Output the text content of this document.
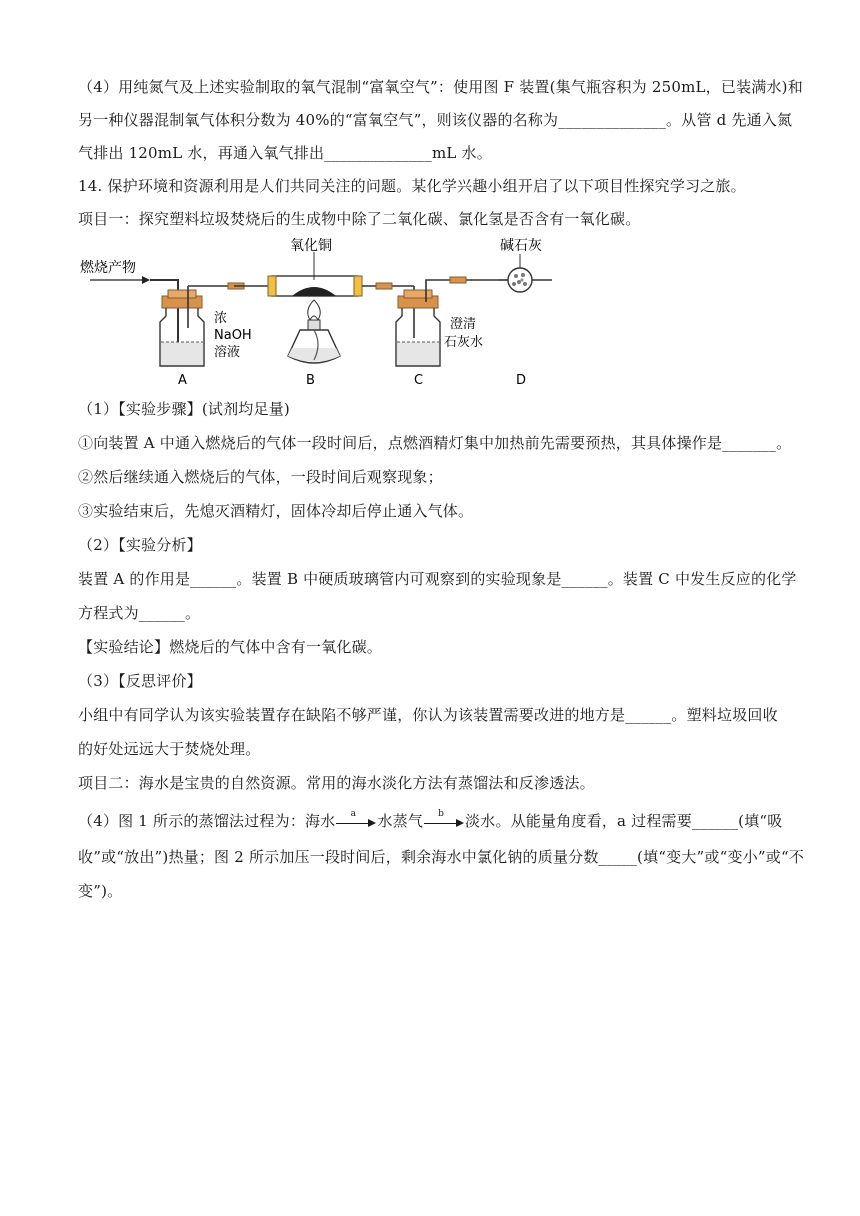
（4）用纯氮气及上述实验制取的氧气混制“富氧空气”：使用图 F 装置(集气瓶容积为 250mL，已装满水)和
另一种仪器混制氧气体积分数为 40%的“富氧空气”，则该仪器的名称为______________。从管 d 先通入氮
气排出 120mL 水，再通入氧气排出______________mL 水。
14. 保护环境和资源利用是人们共同关注的问题。某化学兴趣小组开启了以下项目性探究学习之旅。
项目一：探究塑料垃圾焚烧后的生成物中除了二氧化碳、氯化氢是否含有一氧化碳。
燃烧产物
浓
NaOH
溶液
A
氧化铜
B
澄清
石灰水
C
碱石灰
D
（1）【实验步骤】(试剂均足量)
①向装置 A 中通入燃烧后的气体一段时间后，点燃酒精灯集中加热前先需要预热，其具体操作是_______。
②然后继续通入燃烧后的气体，一段时间后观察现象；
③实验结束后，先熄灭酒精灯，固体冷却后停止通入气体。
（2）【实验分析】
装置 A 的作用是______。装置 B 中硬质玻璃管内可观察到的实验现象是______。装置 C 中发生反应的化学
方程式为______。
【实验结论】燃烧后的气体中含有一氧化碳。
（3）【反思评价】
小组中有同学认为该实验装置存在缺陷不够严谨，你认为该装置需要改进的地方是______。塑料垃圾回收
的好处远远大于焚烧处理。
项目二：海水是宝贵的自然资源。常用的海水淡化方法有蒸馏法和反渗透法。
（4）图 1 所示的蒸馏法过程为：海水	a	水蒸气	b	淡水。从能量角度看，a 过程需要______(填“吸
收”或“放出”)热量；图 2 所示加压一段时间后，剩余海水中氯化钠的质量分数_____(填“变大”或“变小”或“不
变”)。
